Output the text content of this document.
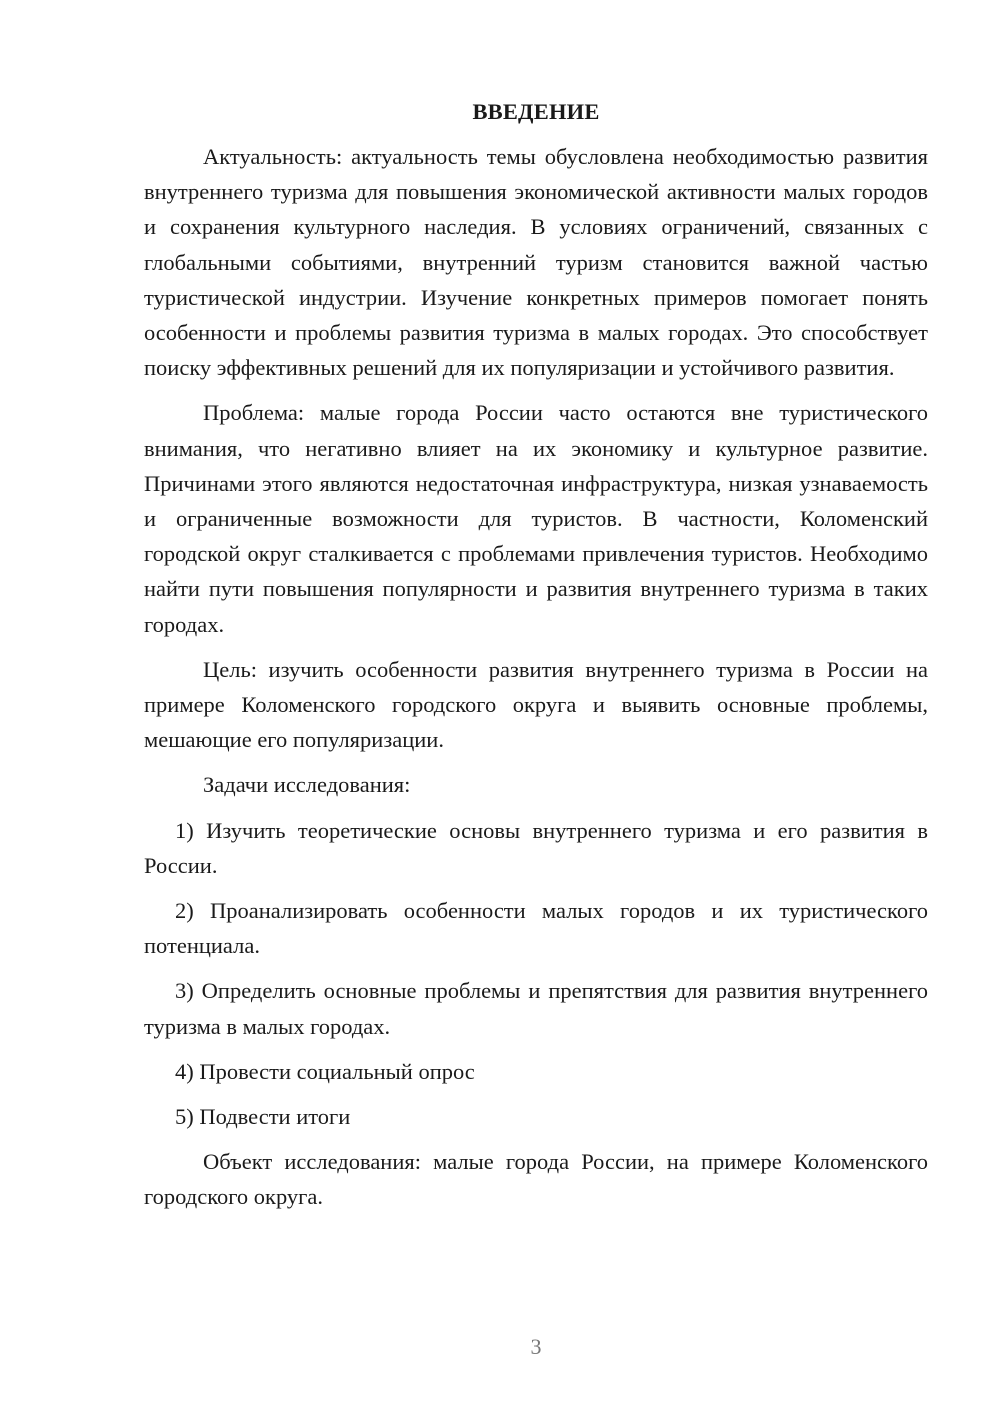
ВВЕДЕНИЕ

Актуальность: актуальность темы обусловлена необходимостью развития внутреннего туризма для повышения экономической активности малых городов и сохранения культурного наследия. В условиях ограничений, связанных с глобальными событиями, внутренний туризм становится важной частью туристической индустрии. Изучение конкретных примеров помогает понять особенности и проблемы развития туризма в малых городах. Это способствует поиску эффективных решений для их популяризации и устойчивого развития.

Проблема: малые города России часто остаются вне туристического внимания, что негативно влияет на их экономику и культурное развитие. Причинами этого являются недостаточная инфраструктура, низкая узнаваемость и ограниченные возможности для туристов. В частности, Коломенский городской округ сталкивается с проблемами привлечения туристов. Необходимо найти пути повышения популярности и развития внутреннего туризма в таких городах.

Цель: изучить особенности развития внутреннего туризма в России на примере Коломенского городского округа и выявить основные проблемы, мешающие его популяризации.

Задачи исследования:

1) Изучить теоретические основы внутреннего туризма и его развития в России.

2) Проанализировать особенности малых городов и их туристического потенциала.

3) Определить основные проблемы и препятствия для развития внутреннего туризма в малых городах.

4) Провести социальный опрос

5) Подвести итоги

Объект исследования: малые города России, на примере Коломенского городского округа.

3
